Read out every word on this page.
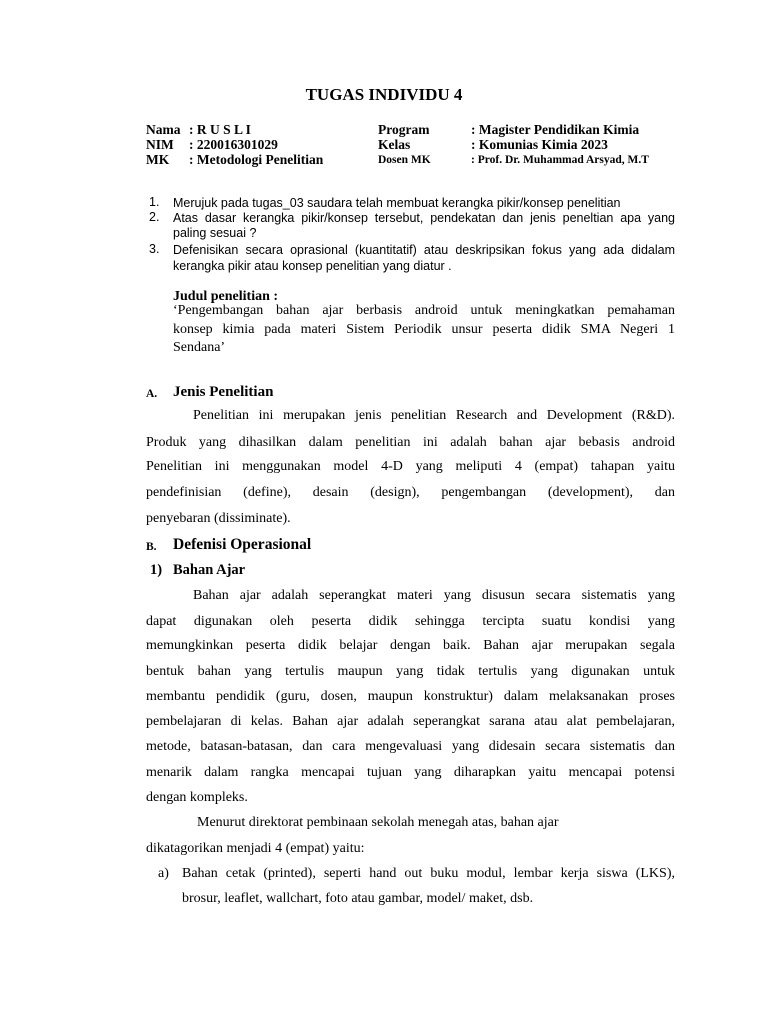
TUGAS INDIVIDU 4
Nama : R U S L I	Program	: Magister Pendidikan Kimia
NIM : 220016301029	Kelas	: Komunias Kimia 2023
MK : Metodologi Penelitian	Dosen MK	: Prof. Dr. Muhammad Arsyad, M.T
1. Merujuk pada tugas_03 saudara telah membuat kerangka pikir/konsep penelitian
2. Atas dasar kerangka pikir/konsep tersebut, pendekatan dan jenis peneltian apa yang
paling sesuai ?
3. Defenisikan secara oprasional (kuantitatif) atau deskripsikan fokus yang ada didalam
kerangka pikir atau konsep penelitian yang diatur .
Judul penelitian :
‘Pengembangan bahan ajar berbasis android untuk meningkatkan pemahaman
konsep kimia pada materi Sistem Periodik unsur peserta didik SMA Negeri 1
Sendana’
A. Jenis Penelitian
Penelitian ini merupakan jenis penelitian Research and Development (R&D).
Produk yang dihasilkan dalam penelitian ini adalah bahan ajar bebasis android
Penelitian ini menggunakan model 4-D yang meliputi 4 (empat) tahapan yaitu
pendefinisian (define), desain (design), pengembangan (development), dan
penyebaran (dissiminate).
B. Defenisi Operasional
1) Bahan Ajar
Bahan ajar adalah seperangkat materi yang disusun secara sistematis yang
dapat digunakan oleh peserta didik sehingga tercipta suatu kondisi yang
memungkinkan peserta didik belajar dengan baik. Bahan ajar merupakan segala
bentuk bahan yang tertulis maupun yang tidak tertulis yang digunakan untuk
membantu pendidik (guru, dosen, maupun konstruktur) dalam melaksanakan proses
pembelajaran di kelas. Bahan ajar adalah seperangkat sarana atau alat pembelajaran,
metode, batasan-batasan, dan cara mengevaluasi yang didesain secara sistematis dan
menarik dalam rangka mencapai tujuan yang diharapkan yaitu mencapai potensi
dengan kompleks.
Menurut direktorat pembinaan sekolah menegah atas, bahan ajar
dikatagorikan menjadi 4 (empat) yaitu:
a) Bahan cetak (printed), seperti hand out buku modul, lembar kerja siswa (LKS),
brosur, leaflet, wallchart, foto atau gambar, model/ maket, dsb.
